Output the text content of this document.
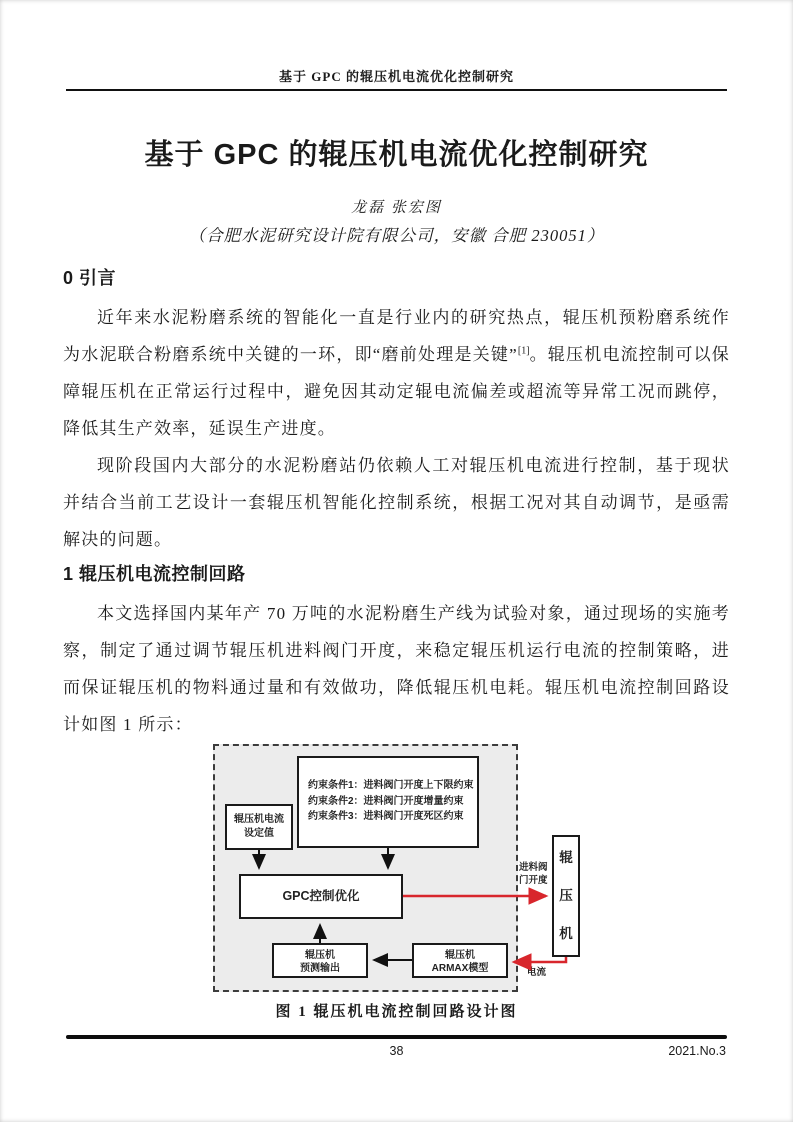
基于 GPC 的辊压机电流优化控制研究
基于 GPC 的辊压机电流优化控制研究
龙磊 张宏图
（合肥水泥研究设计院有限公司，安徽 合肥 230051）
0 引言

近年来水泥粉磨系统的智能化一直是行业内的研究热点，辊压机预粉磨系统作为水泥联合粉磨系统中关键的一环，即“磨前处理是关键”[1]。辊压机电流控制可以保障辊压机在正常运行过程中，避免因其动定辊电流偏差或超流等异常工况而跳停，降低其生产效率，延误生产进度。

现阶段国内大部分的水泥粉磨站仍依赖人工对辊压机电流进行控制，基于现状并结合当前工艺设计一套辊压机智能化控制系统，根据工况对其自动调节，是亟需解决的问题。

1 辊压机电流控制回路

本文选择国内某年产 70 万吨的水泥粉磨生产线为试验对象，通过现场的实施考察，制定了通过调节辊压机进料阀门开度，来稳定辊压机运行电流的控制策略，进而保证辊压机的物料通过量和有效做功，降低辊压机电耗。辊压机电流控制回路设计如图 1 所示：

辊压机电流
设定值
约束条件1：进料阀门开度上下限约束
约束条件2：进料阀门开度增量约束
约束条件3：进料阀门开度死区约束
GPC控制优化
辊压机
预测输出
辊压机
ARMAX模型
辊压机
进料阀门开度
电流
图 1 辊压机电流控制回路设计图
38	2021.No.3
